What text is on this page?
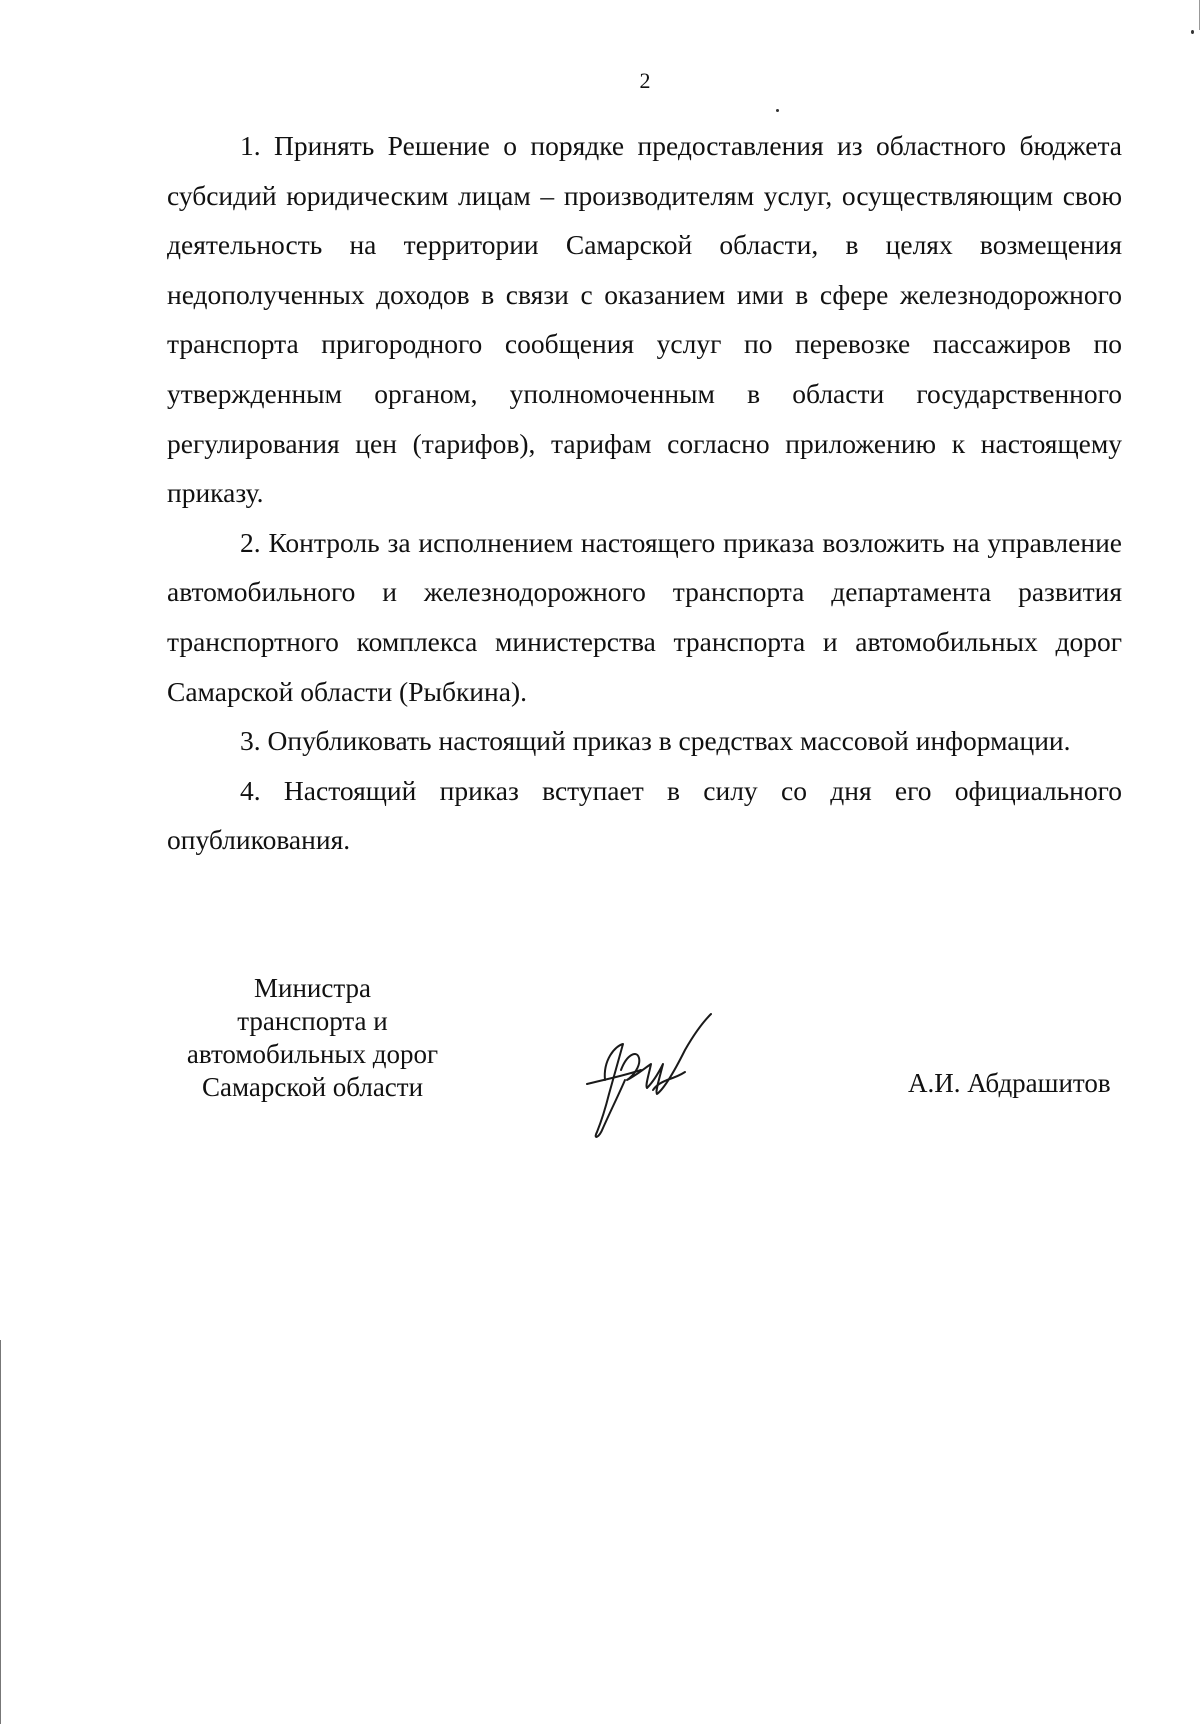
2

1. Принять Решение о порядке предоставления из областного бюджета субсидий юридическим лицам – производителям услуг, осуществляющим свою деятельность на территории Самарской области, в целях возмещения недополученных доходов в связи с оказанием ими в сфере железнодорожного транспорта пригородного сообщения услуг по перевозке пассажиров по утвержденным органом, уполномоченным в области государственного регулирования цен (тарифов), тарифам согласно приложению к настоящему приказу.

2. Контроль за исполнением настоящего приказа возложить на управление автомобильного и железнодорожного транспорта департамента развития транспортного комплекса министерства транспорта и автомобильных дорог Самарской области (Рыбкина).

3. Опубликовать настоящий приказ в средствах массовой информации.

4. Настоящий приказ вступает в силу со дня его официального опубликования.

Министра
транспорта и
автомобильных дорог
Самарской области	А.И. Абдрашитов
